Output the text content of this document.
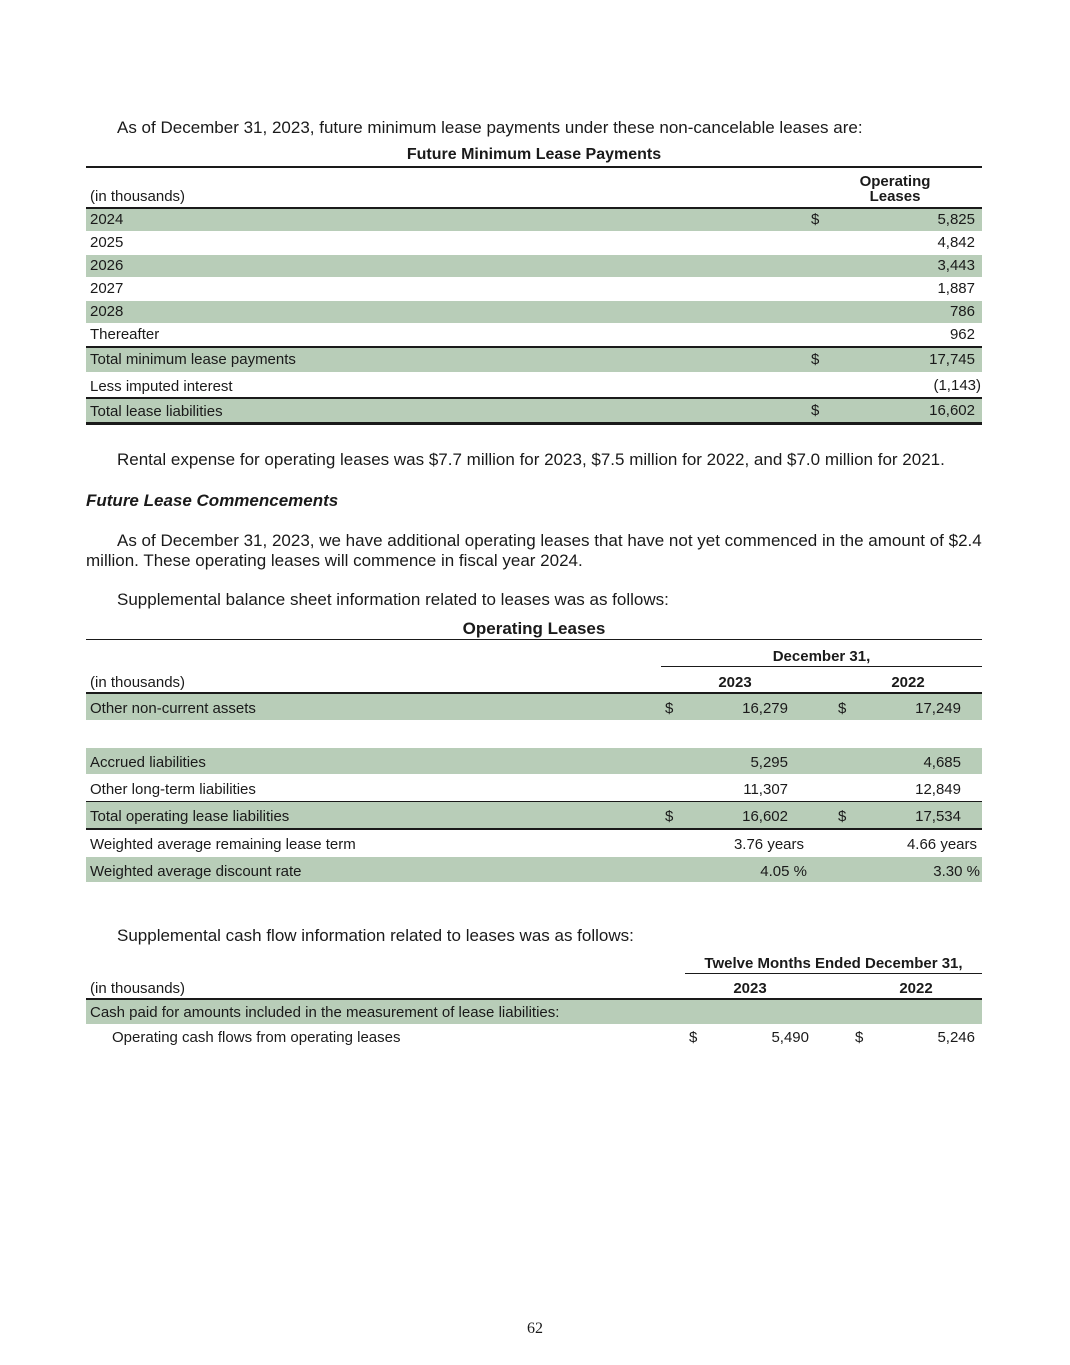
As of December 31, 2023, future minimum lease payments under these non-cancelable leases are:
Future Minimum Lease Payments
Operating
Leases
(in thousands)
2024	$	5,825
2025	4,842
2026	3,443
2027	1,887
2028	786
Thereafter	962
Total minimum lease payments	$	17,745
Less imputed interest	(1,143)
Total lease liabilities	$	16,602
Rental expense for operating leases was $7.7 million for 2023, $7.5 million for 2022, and $7.0 million for 2021.
Future Lease Commencements
As of December 31, 2023, we have additional operating leases that have not yet commenced in the amount of $2.4 million. These operating leases will commence in fiscal year 2024.
Supplemental balance sheet information related to leases was as follows:
Operating Leases
December 31,
(in thousands)	2023	2022
Other non-current assets	$	16,279	$	17,249
Accrued liabilities	5,295	4,685
Other long-term liabilities	11,307	12,849
Total operating lease liabilities	$	16,602	$	17,534
Weighted average remaining lease term	3.76 years	4.66 years
Weighted average discount rate	4.05 %	3.30 %
Supplemental cash flow information related to leases was as follows:
Twelve Months Ended December 31,
(in thousands)	2023	2022
Cash paid for amounts included in the measurement of lease liabilities:
Operating cash flows from operating leases	$	5,490	$	5,246
62
